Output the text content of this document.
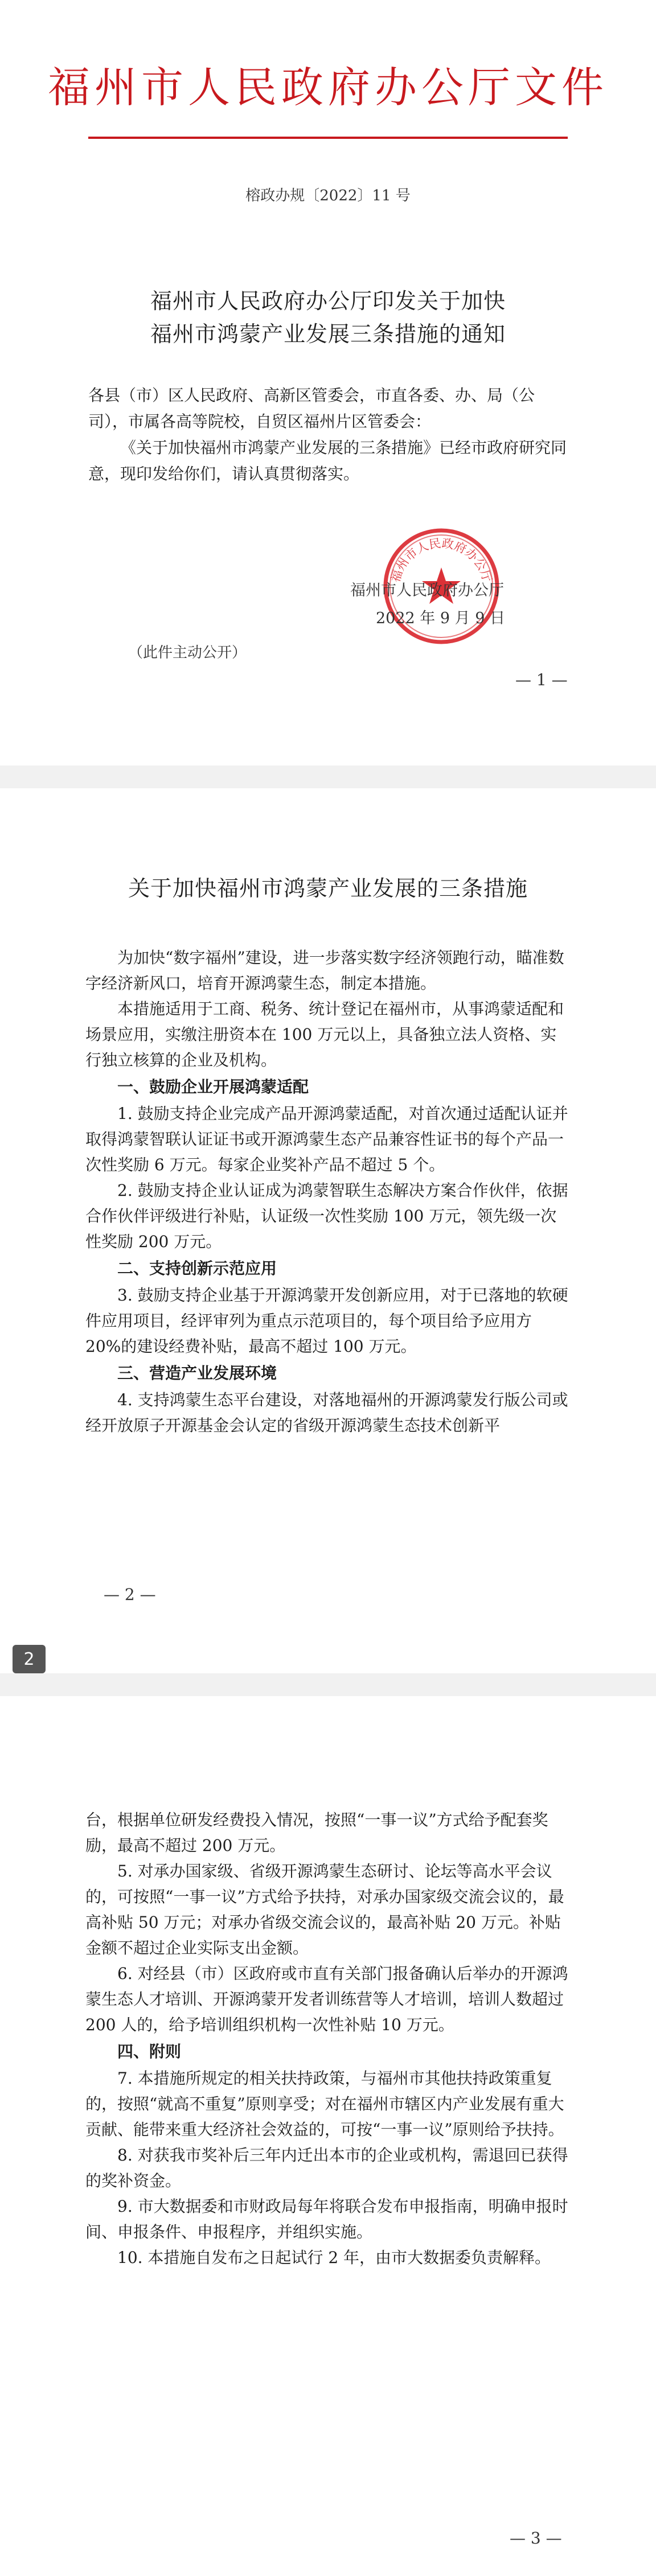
福州市人民政府办公厅文件
榕政办规〔2022〕11 号
福州市人民政府办公厅印发关于加快
福州市鸿蒙产业发展三条措施的通知

各县（市）区人民政府、高新区管委会，市直各委、办、局（公司），市属各高等院校，自贸区福州片区管委会：

《关于加快福州市鸿蒙产业发展的三条措施》已经市政府研究同意，现印发给你们，请认真贯彻落实。

福州市人民政府办公厅
福州市人民政府办公厅
2022 年 9 月 9 日
（此件主动公开）
— 1 —
关于加快福州市鸿蒙产业发展的三条措施

为加快“数字福州”建设，进一步落实数字经济领跑行动，瞄准数字经济新风口，培育开源鸿蒙生态，制定本措施。

本措施适用于工商、税务、统计登记在福州市，从事鸿蒙适配和场景应用，实缴注册资本在 100 万元以上，具备独立法人资格、实行独立核算的企业及机构。

一、鼓励企业开展鸿蒙适配

1. 鼓励支持企业完成产品开源鸿蒙适配，对首次通过适配认证并取得鸿蒙智联认证证书或开源鸿蒙生态产品兼容性证书的每个产品一次性奖励 6 万元。每家企业奖补产品不超过 5 个。

2. 鼓励支持企业认证成为鸿蒙智联生态解决方案合作伙伴，依据合作伙伴评级进行补贴，认证级一次性奖励 100 万元，领先级一次性奖励 200 万元。

二、支持创新示范应用

3. 鼓励支持企业基于开源鸿蒙开发创新应用，对于已落地的软硬件应用项目，经评审列为重点示范项目的，每个项目给予应用方 20%的建设经费补贴，最高不超过 100 万元。

三、营造产业发展环境

4. 支持鸿蒙生态平台建设，对落地福州的开源鸿蒙发行版公司或经开放原子开源基金会认定的省级开源鸿蒙生态技术创新平

— 2 —
2

台，根据单位研发经费投入情况，按照“一事一议”方式给予配套奖励，最高不超过 200 万元。

5. 对承办国家级、省级开源鸿蒙生态研讨、论坛等高水平会议的，可按照“一事一议”方式给予扶持，对承办国家级交流会议的，最高补贴 50 万元；对承办省级交流会议的，最高补贴 20 万元。补贴金额不超过企业实际支出金额。

6. 对经县（市）区政府或市直有关部门报备确认后举办的开源鸿蒙生态人才培训、开源鸿蒙开发者训练营等人才培训，培训人数超过 200 人的，给予培训组织机构一次性补贴 10 万元。

四、附则

7. 本措施所规定的相关扶持政策，与福州市其他扶持政策重复的，按照“就高不重复”原则享受；对在福州市辖区内产业发展有重大贡献、能带来重大经济社会效益的，可按“一事一议”原则给予扶持。

8. 对获我市奖补后三年内迁出本市的企业或机构，需退回已获得的奖补资金。

9. 市大数据委和市财政局每年将联合发布申报指南，明确申报时间、申报条件、申报程序，并组织实施。

10. 本措施自发布之日起试行 2 年，由市大数据委负责解释。

— 3 —
